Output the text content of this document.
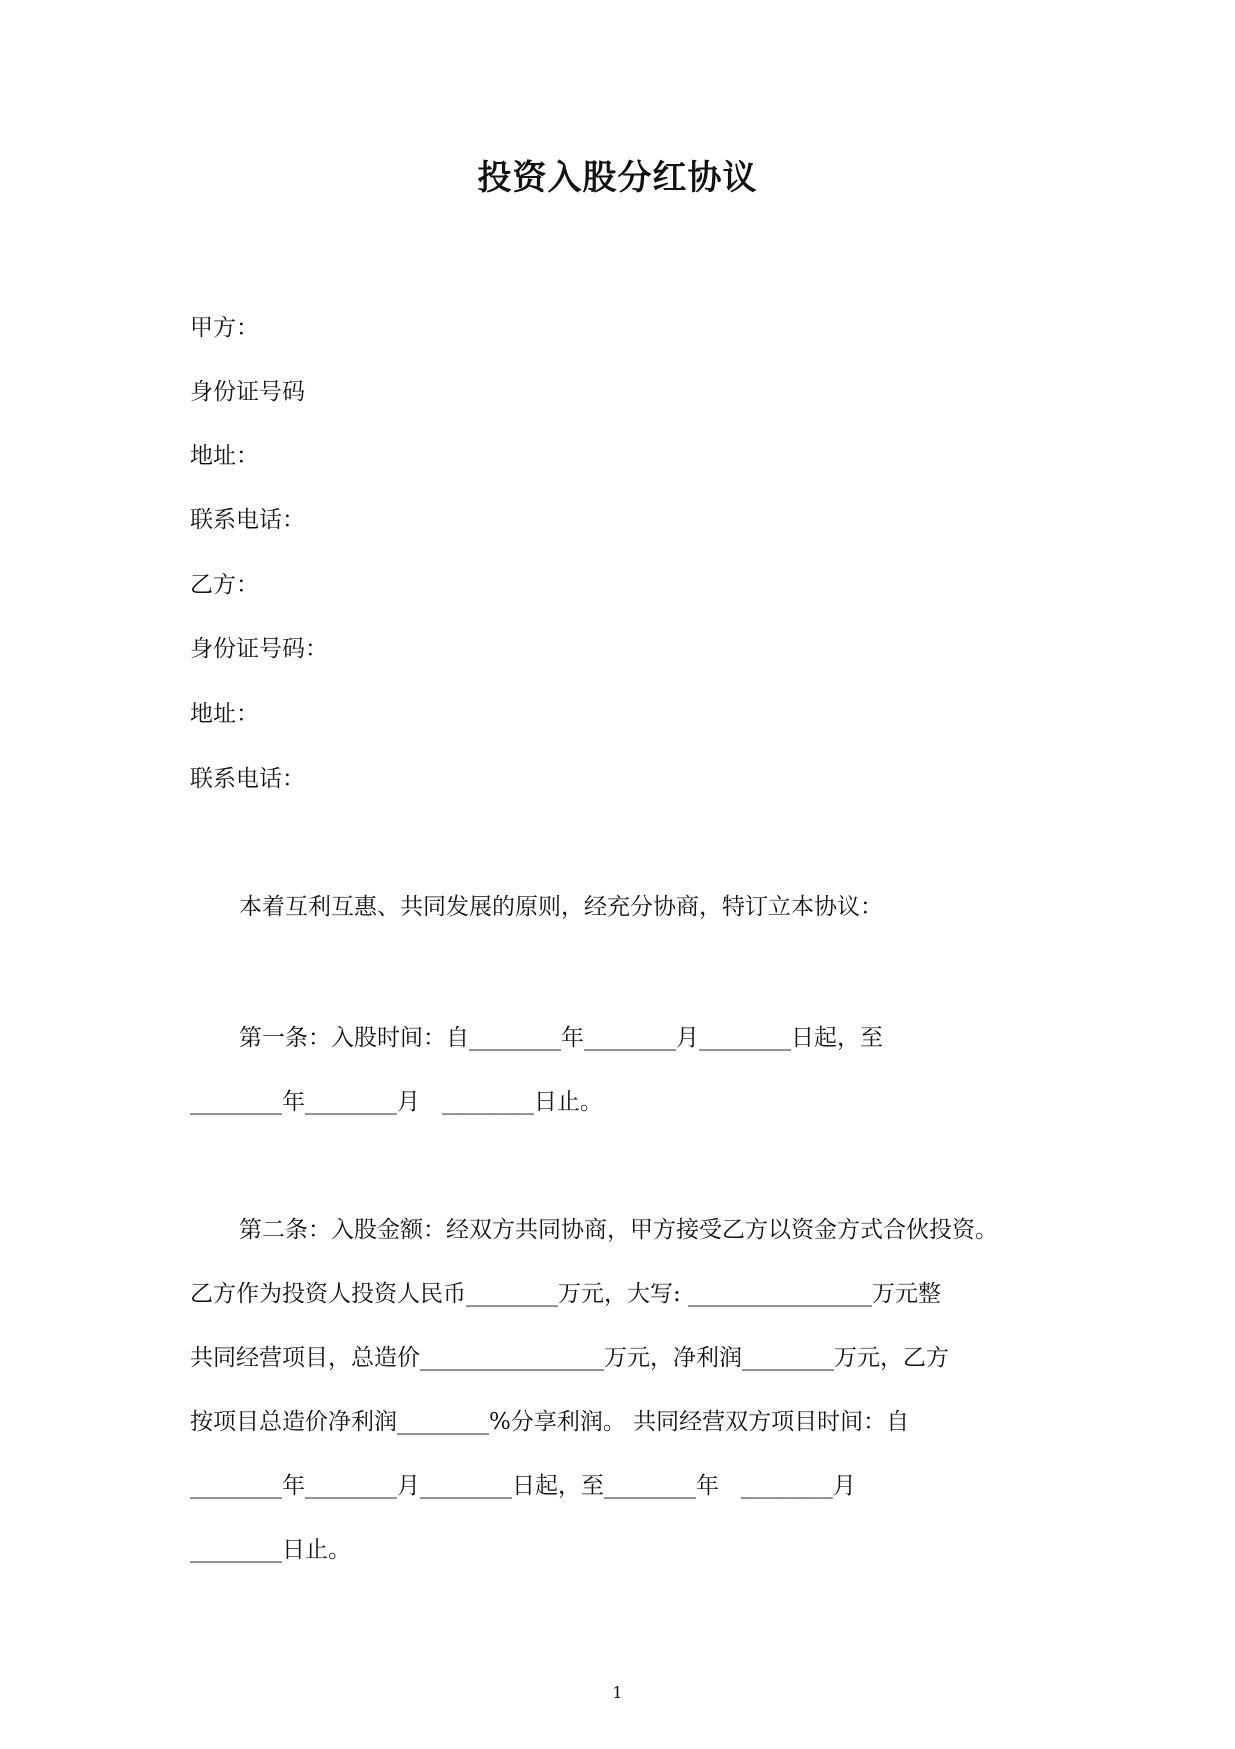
投资入股分红协议
甲方：
身份证号码
地址：
联系电话：
乙方：
身份证号码：
地址：
联系电话：
本着互利互惠、共同发展的原则，经充分协商，特订立本协议：
第一条：入股时间：自________年________月________日起，至
________年________月   ________日止。
第二条：入股金额：经双方共同协商，甲方接受乙方以资金方式合伙投资。
乙方作为投资人投资人民币________万元，大写: ________________万元整
共同经营项目，总造价________________万元，净利润________万元，乙方
按项目总造价净利润________%分享利润。 共同经营双方项目时间：自
________年________月________日起，至________年   ________月
________日止。
1
